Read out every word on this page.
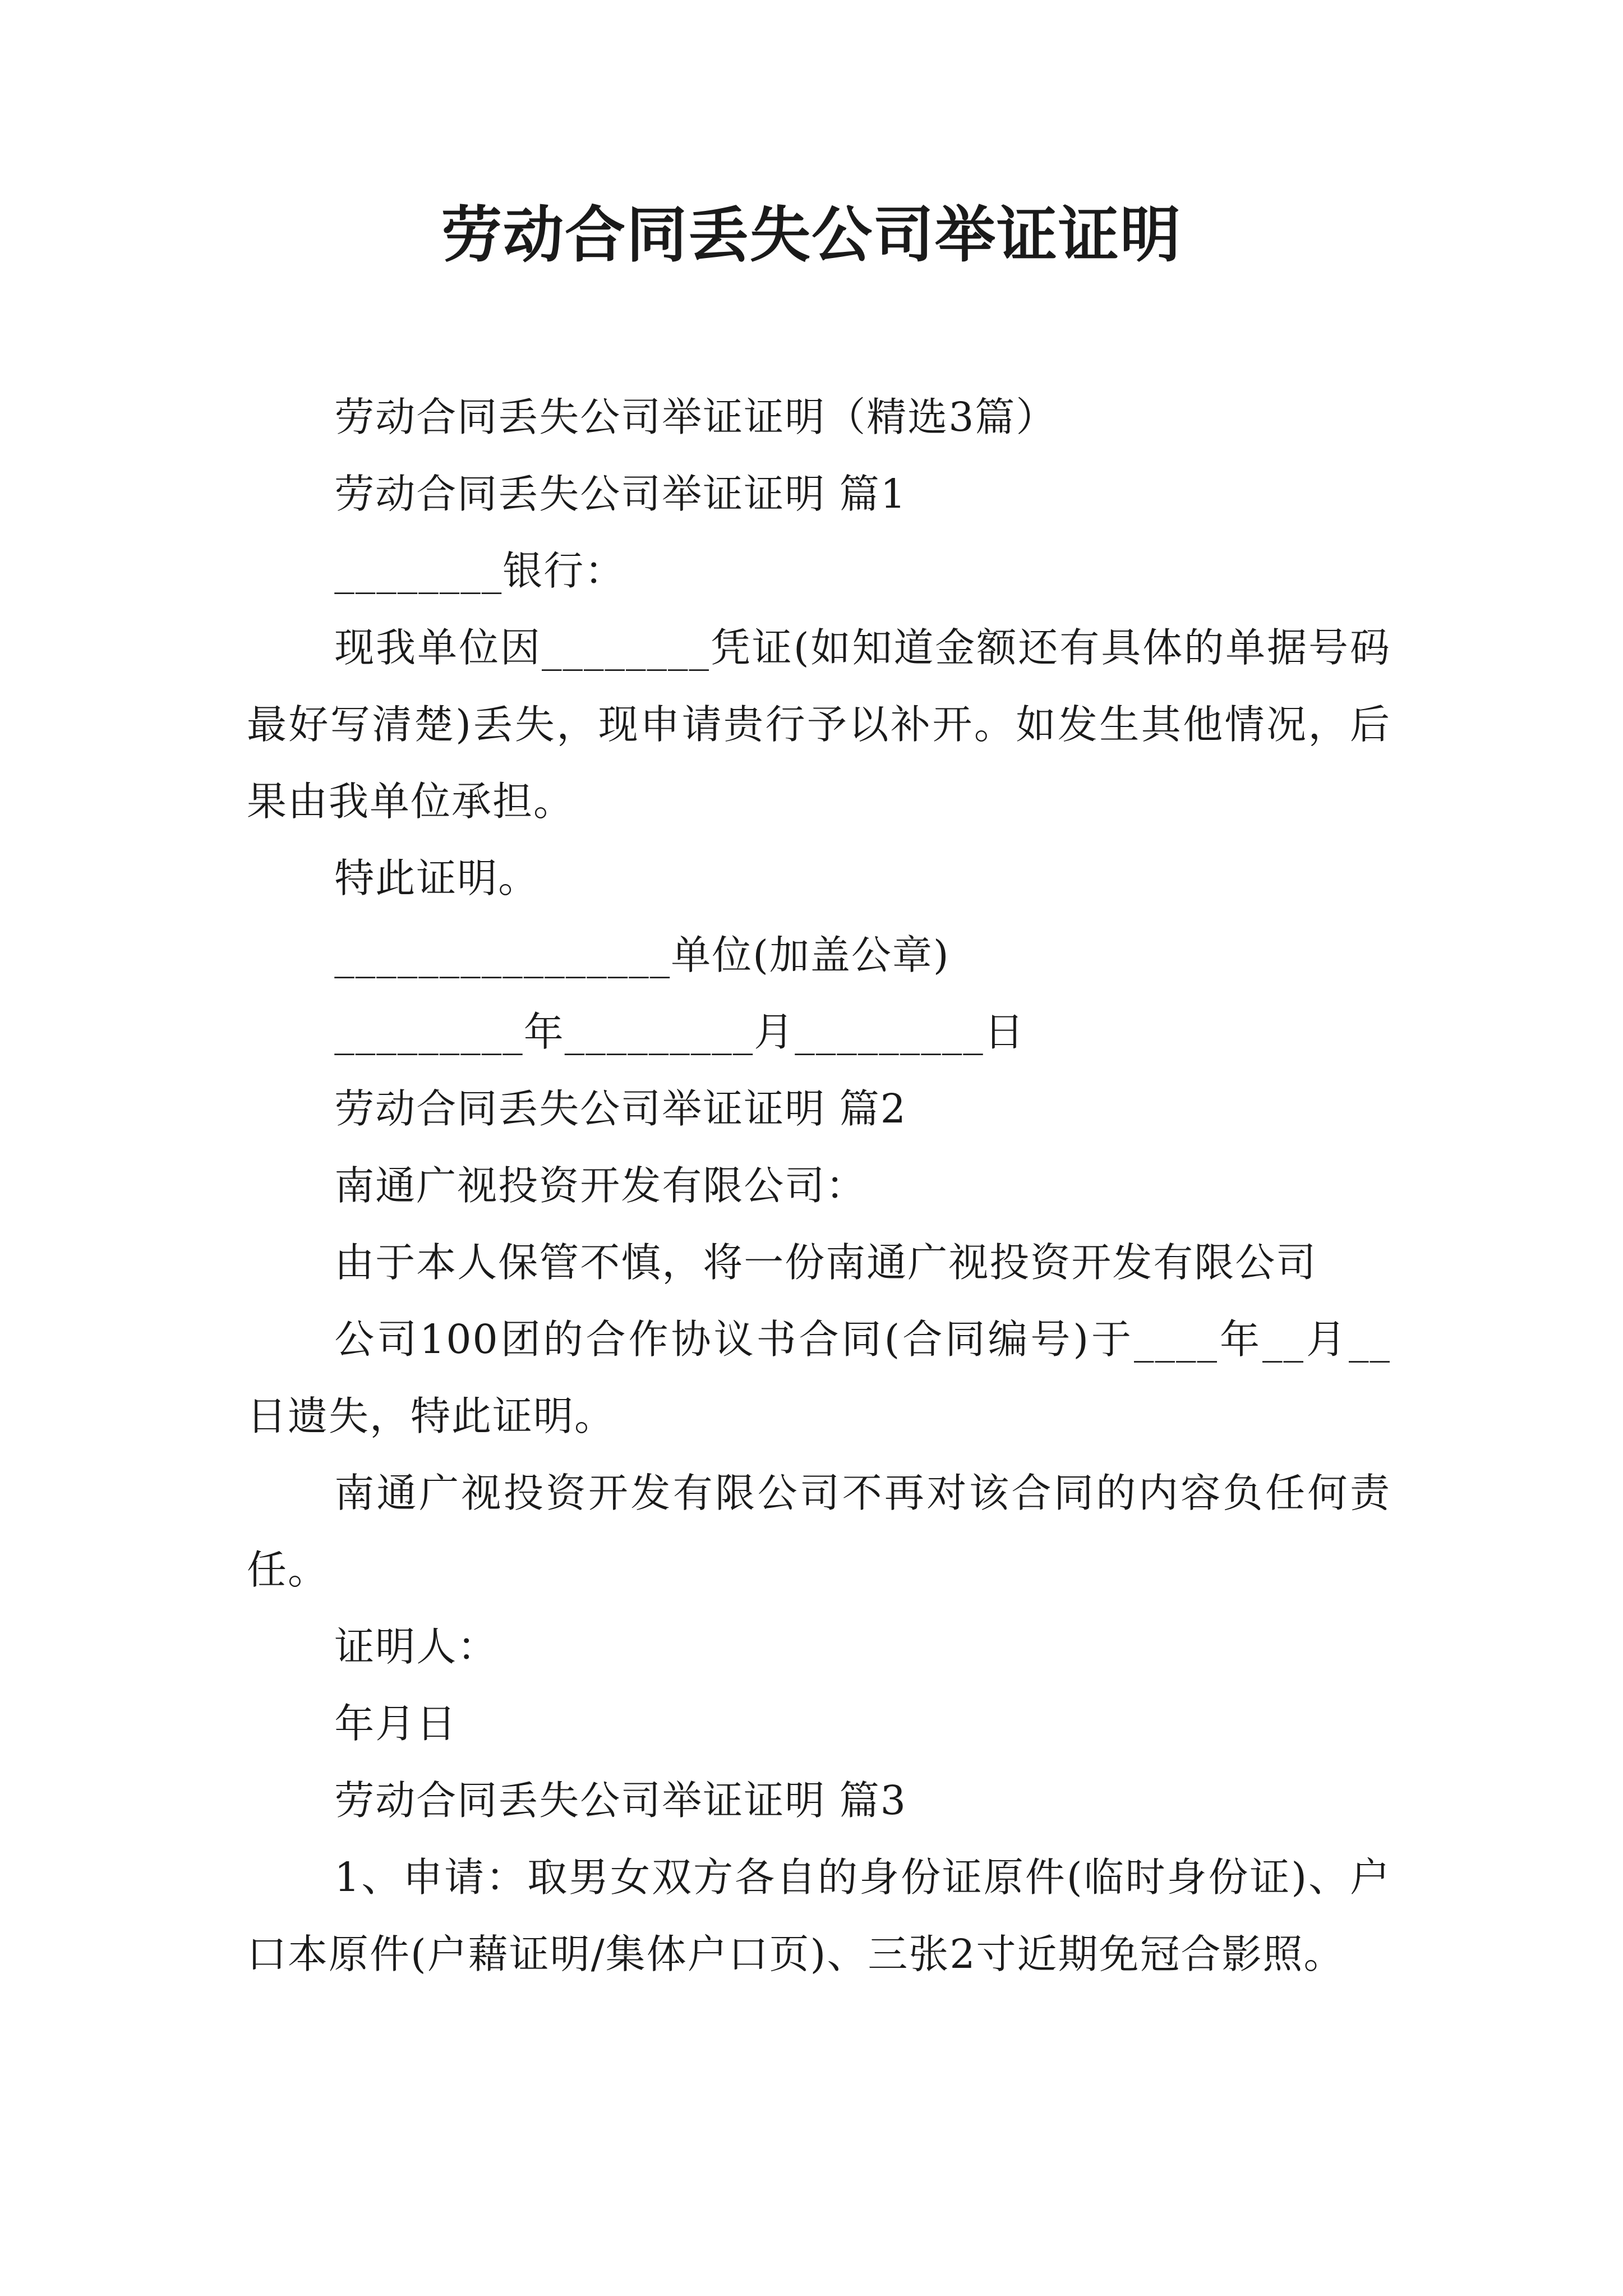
劳动合同丢失公司举证证明

劳动合同丢失公司举证证明（精选3篇）

劳动合同丢失公司举证证明 篇1

________银行：

现我单位因________凭证(如知道金额还有具体的单据号码最好写清楚)丢失，现申请贵行予以补开。如发生其他情况，后果由我单位承担。

特此证明。

________________单位(加盖公章)

_________年_________月_________日

劳动合同丢失公司举证证明 篇2

南通广视投资开发有限公司：

由于本人保管不慎，将一份南通广视投资开发有限公司

公司100团的合作协议书合同(合同编号)于____年__月__日遗失，特此证明。

南通广视投资开发有限公司不再对该合同的内容负任何责任。

证明人：

年月日

劳动合同丢失公司举证证明 篇3

1、申请：取男女双方各自的身份证原件(临时身份证)、户口本原件(户藉证明/集体户口页)、三张2寸近期免冠合影照。
